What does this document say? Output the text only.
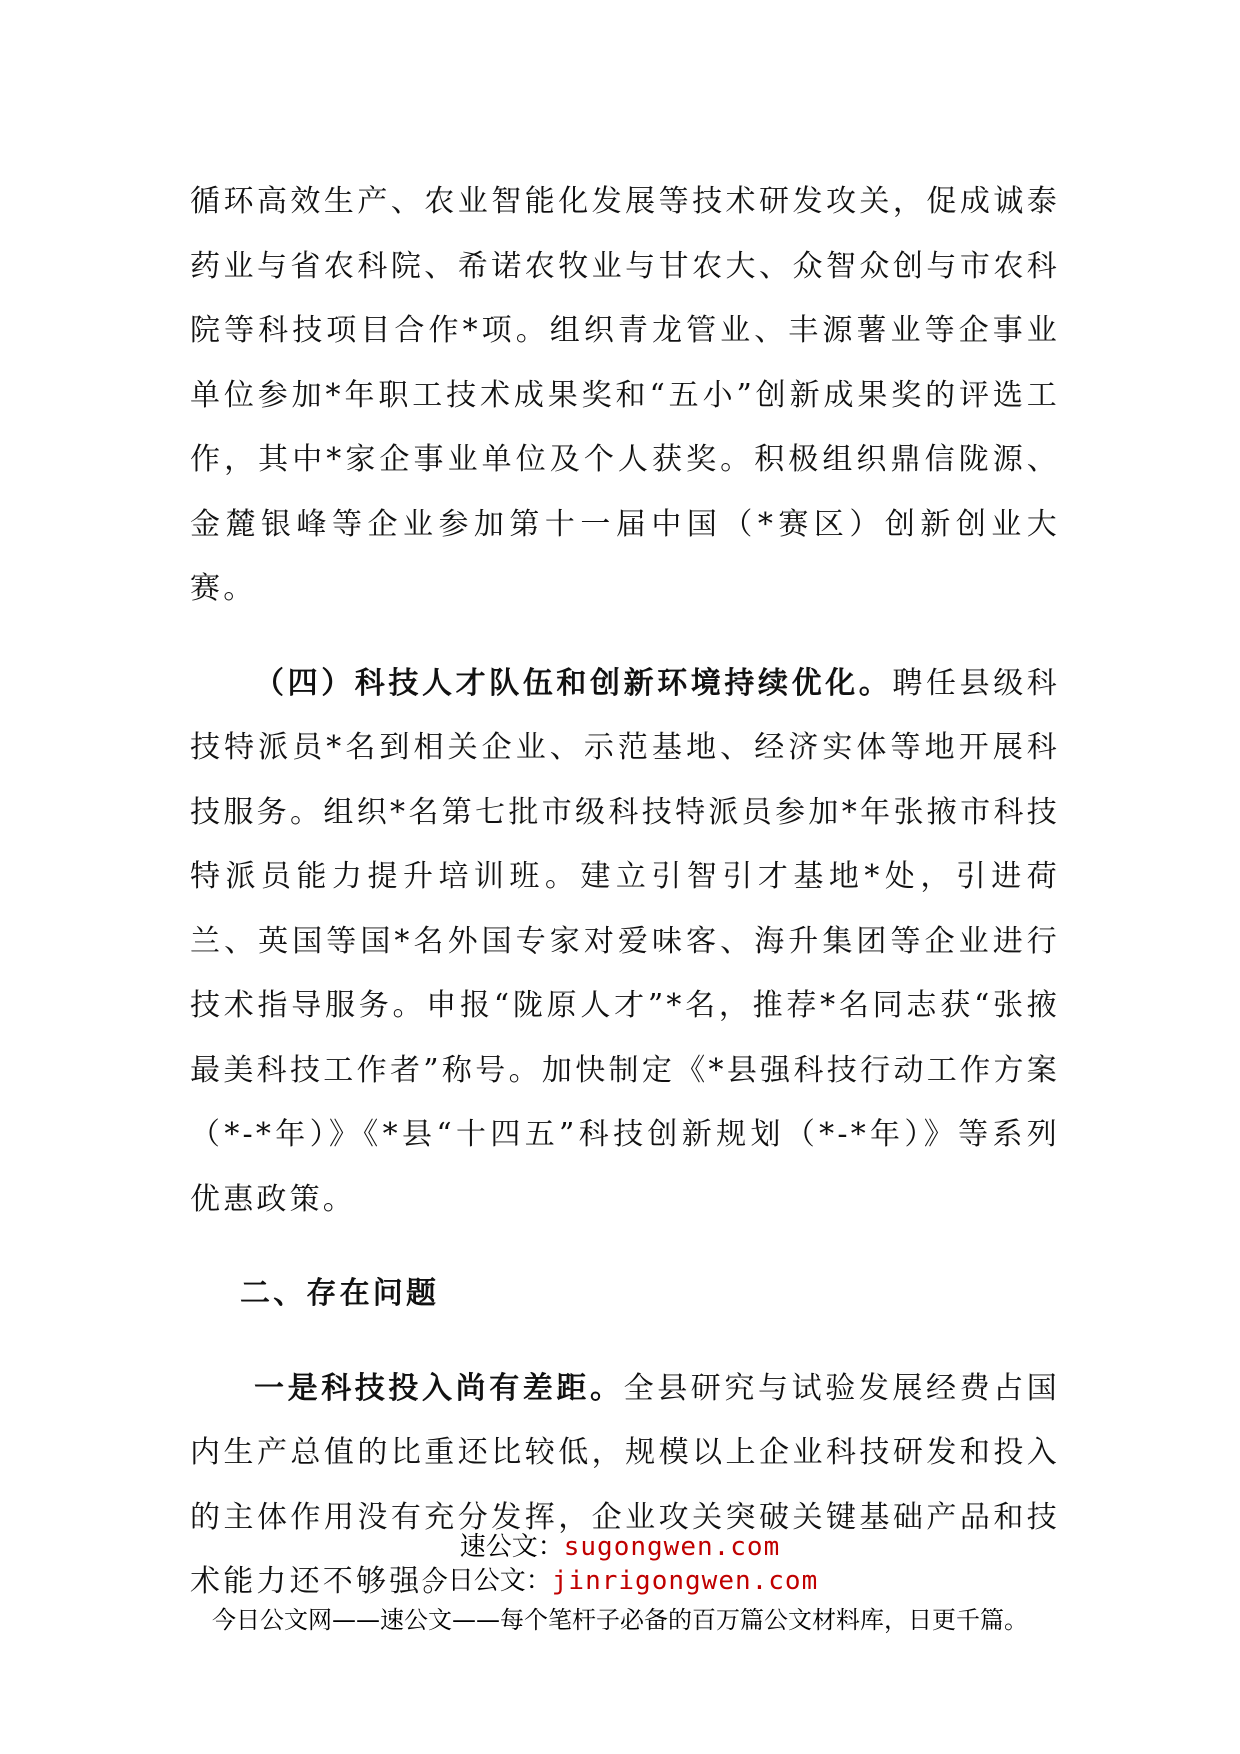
循环高效生产、农业智能化发展等技术研发攻关，促成诚泰药业与省农科院、希诺农牧业与甘农大、众智众创与市农科院等科技项目合作*项。组织青龙管业、丰源薯业等企事业单位参加*年职工技术成果奖和“五小”创新成果奖的评选工作，其中*家企事业单位及个人获奖。积极组织鼎信陇源、金麓银峰等企业参加第十一届中国（*赛区）创新创业大赛。

（四）科技人才队伍和创新环境持续优化。聘任县级科技特派员*名到相关企业、示范基地、经济实体等地开展科技服务。组织*名第七批市级科技特派员参加*年张掖市科技特派员能力提升培训班。建立引智引才基地*处，引进荷兰、英国等国*名外国专家对爱味客、海升集团等企业进行技术指导服务。申报“陇原人才”*名，推荐*名同志获“张掖最美科技工作者”称号。加快制定《*县强科技行动工作方案（*-*年）》《*县“十四五”科技创新规划（*-*年）》等系列优惠政策。

二、存在问题

一是科技投入尚有差距。全县研究与试验发展经费占国内生产总值的比重还比较低，规模以上企业科技研发和投入的主体作用没有充分发挥，企业攻关突破关键基础产品和技术能力还不够强。

速公文：sugongwen.com
今日公文：jinrigongwen.com
今日公文网——速公文——每个笔杆子必备的百万篇公文材料库，日更千篇。
